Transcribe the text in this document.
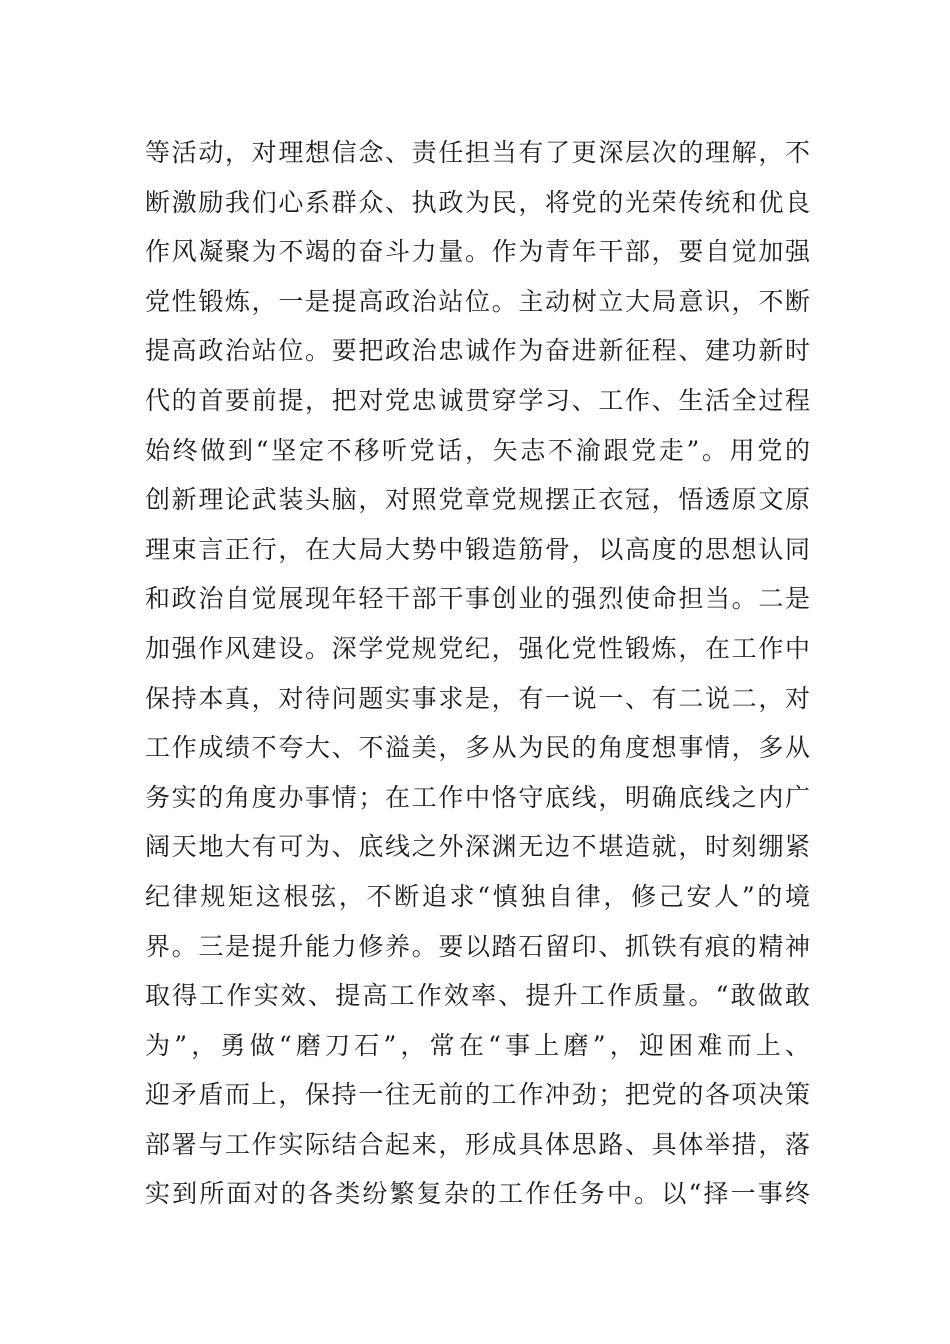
等活动，对理想信念、责任担当有了更深层次的理解，不
断激励我们心系群众、执政为民，将党的光荣传统和优良
作风凝聚为不竭的奋斗力量。作为青年干部，要自觉加强
党性锻炼，一是提高政治站位。主动树立大局意识，不断
提高政治站位。要把政治忠诚作为奋进新征程、建功新时
代的首要前提，把对党忠诚贯穿学习、工作、生活全过程
始终做到“坚定不移听党话，矢志不渝跟党走”。用党的
创新理论武装头脑，对照党章党规摆正衣冠，悟透原文原
理束言正行，在大局大势中锻造筋骨，以高度的思想认同
和政治自觉展现年轻干部干事创业的强烈使命担当。二是
加强作风建设。深学党规党纪，强化党性锻炼，在工作中
保持本真，对待问题实事求是，有一说一、有二说二，对
工作成绩不夸大、不溢美，多从为民的角度想事情，多从
务实的角度办事情；在工作中恪守底线，明确底线之内广
阔天地大有可为、底线之外深渊无边不堪造就，时刻绷紧
纪律规矩这根弦，不断追求“慎独自律，修己安人”的境
界。三是提升能力修养。要以踏石留印、抓铁有痕的精神
取得工作实效、提高工作效率、提升工作质量。“敢做敢
为”，勇做“磨刀石”，常在“事上磨”，迎困难而上、
迎矛盾而上，保持一往无前的工作冲劲；把党的各项决策
部署与工作实际结合起来，形成具体思路、具体举措，落
实到所面对的各类纷繁复杂的工作任务中。以“择一事终
